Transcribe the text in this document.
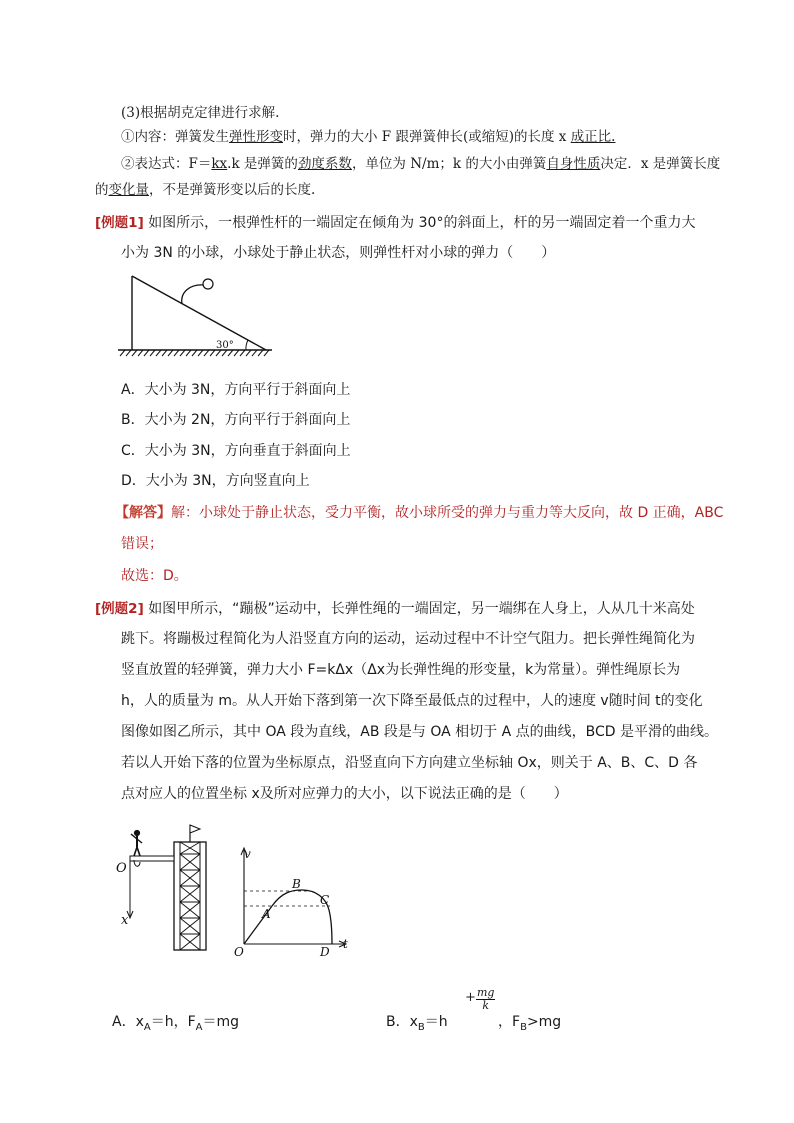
(3)根据胡克定律进行求解.
①内容：弹簧发生弹性形变时，弹力的大小 F 跟弹簧伸长(或缩短)的长度 x 成正比.
②表达式：F＝kx.k 是弹簧的劲度系数，单位为 N/m；k 的大小由弹簧自身性质决定．x 是弹簧长度
的变化量，不是弹簧形变以后的长度.
[例题1] 如图所示，一根弹性杆的一端固定在倾角为 30°的斜面上，杆的另一端固定着一个重力大
小为 3N 的小球，小球处于静止状态，则弹性杆对小球的弹力（　　）
30°
A．大小为 3N，方向平行于斜面向上
B．大小为 2N，方向平行于斜面向上
C．大小为 3N，方向垂直于斜面向上
D．大小为 3N，方向竖直向上
【解答】解：小球处于静止状态，受力平衡，故小球所受的弹力与重力等大反向，故 D 正确，ABC
错误；
故选：D。
[例题2] 如图甲所示，“蹦极”运动中，长弹性绳的一端固定，另一端绑在人身上，人从几十米高处
跳下。将蹦极过程简化为人沿竖直方向的运动，运动过程中不计空气阻力。把长弹性绳简化为
竖直放置的轻弹簧，弹力大小 F=kΔx（Δx为长弹性绳的形变量，k为常量）。弹性绳原长为
h，人的质量为 m。从人开始下落到第一次下降至最低点的过程中，人的速度 v随时间 t的变化
图像如图乙所示，其中 OA 段为直线，AB 段是与 OA 相切于 A 点的曲线，BCD 是平滑的曲线。
若以人开始下落的位置为坐标原点，沿竖直向下方向建立坐标轴 Ox，则关于 A、B、C、D 各
点对应人的位置坐标 x及所对应弹力的大小，以下说法正确的是（　　）
O
x
v
t
O
A
B
C
D
A．$x_A=h$，$F_A=mg$	B．$x_B=h$
+ $\frac{mg}{k}$
，$F_B>mg$
